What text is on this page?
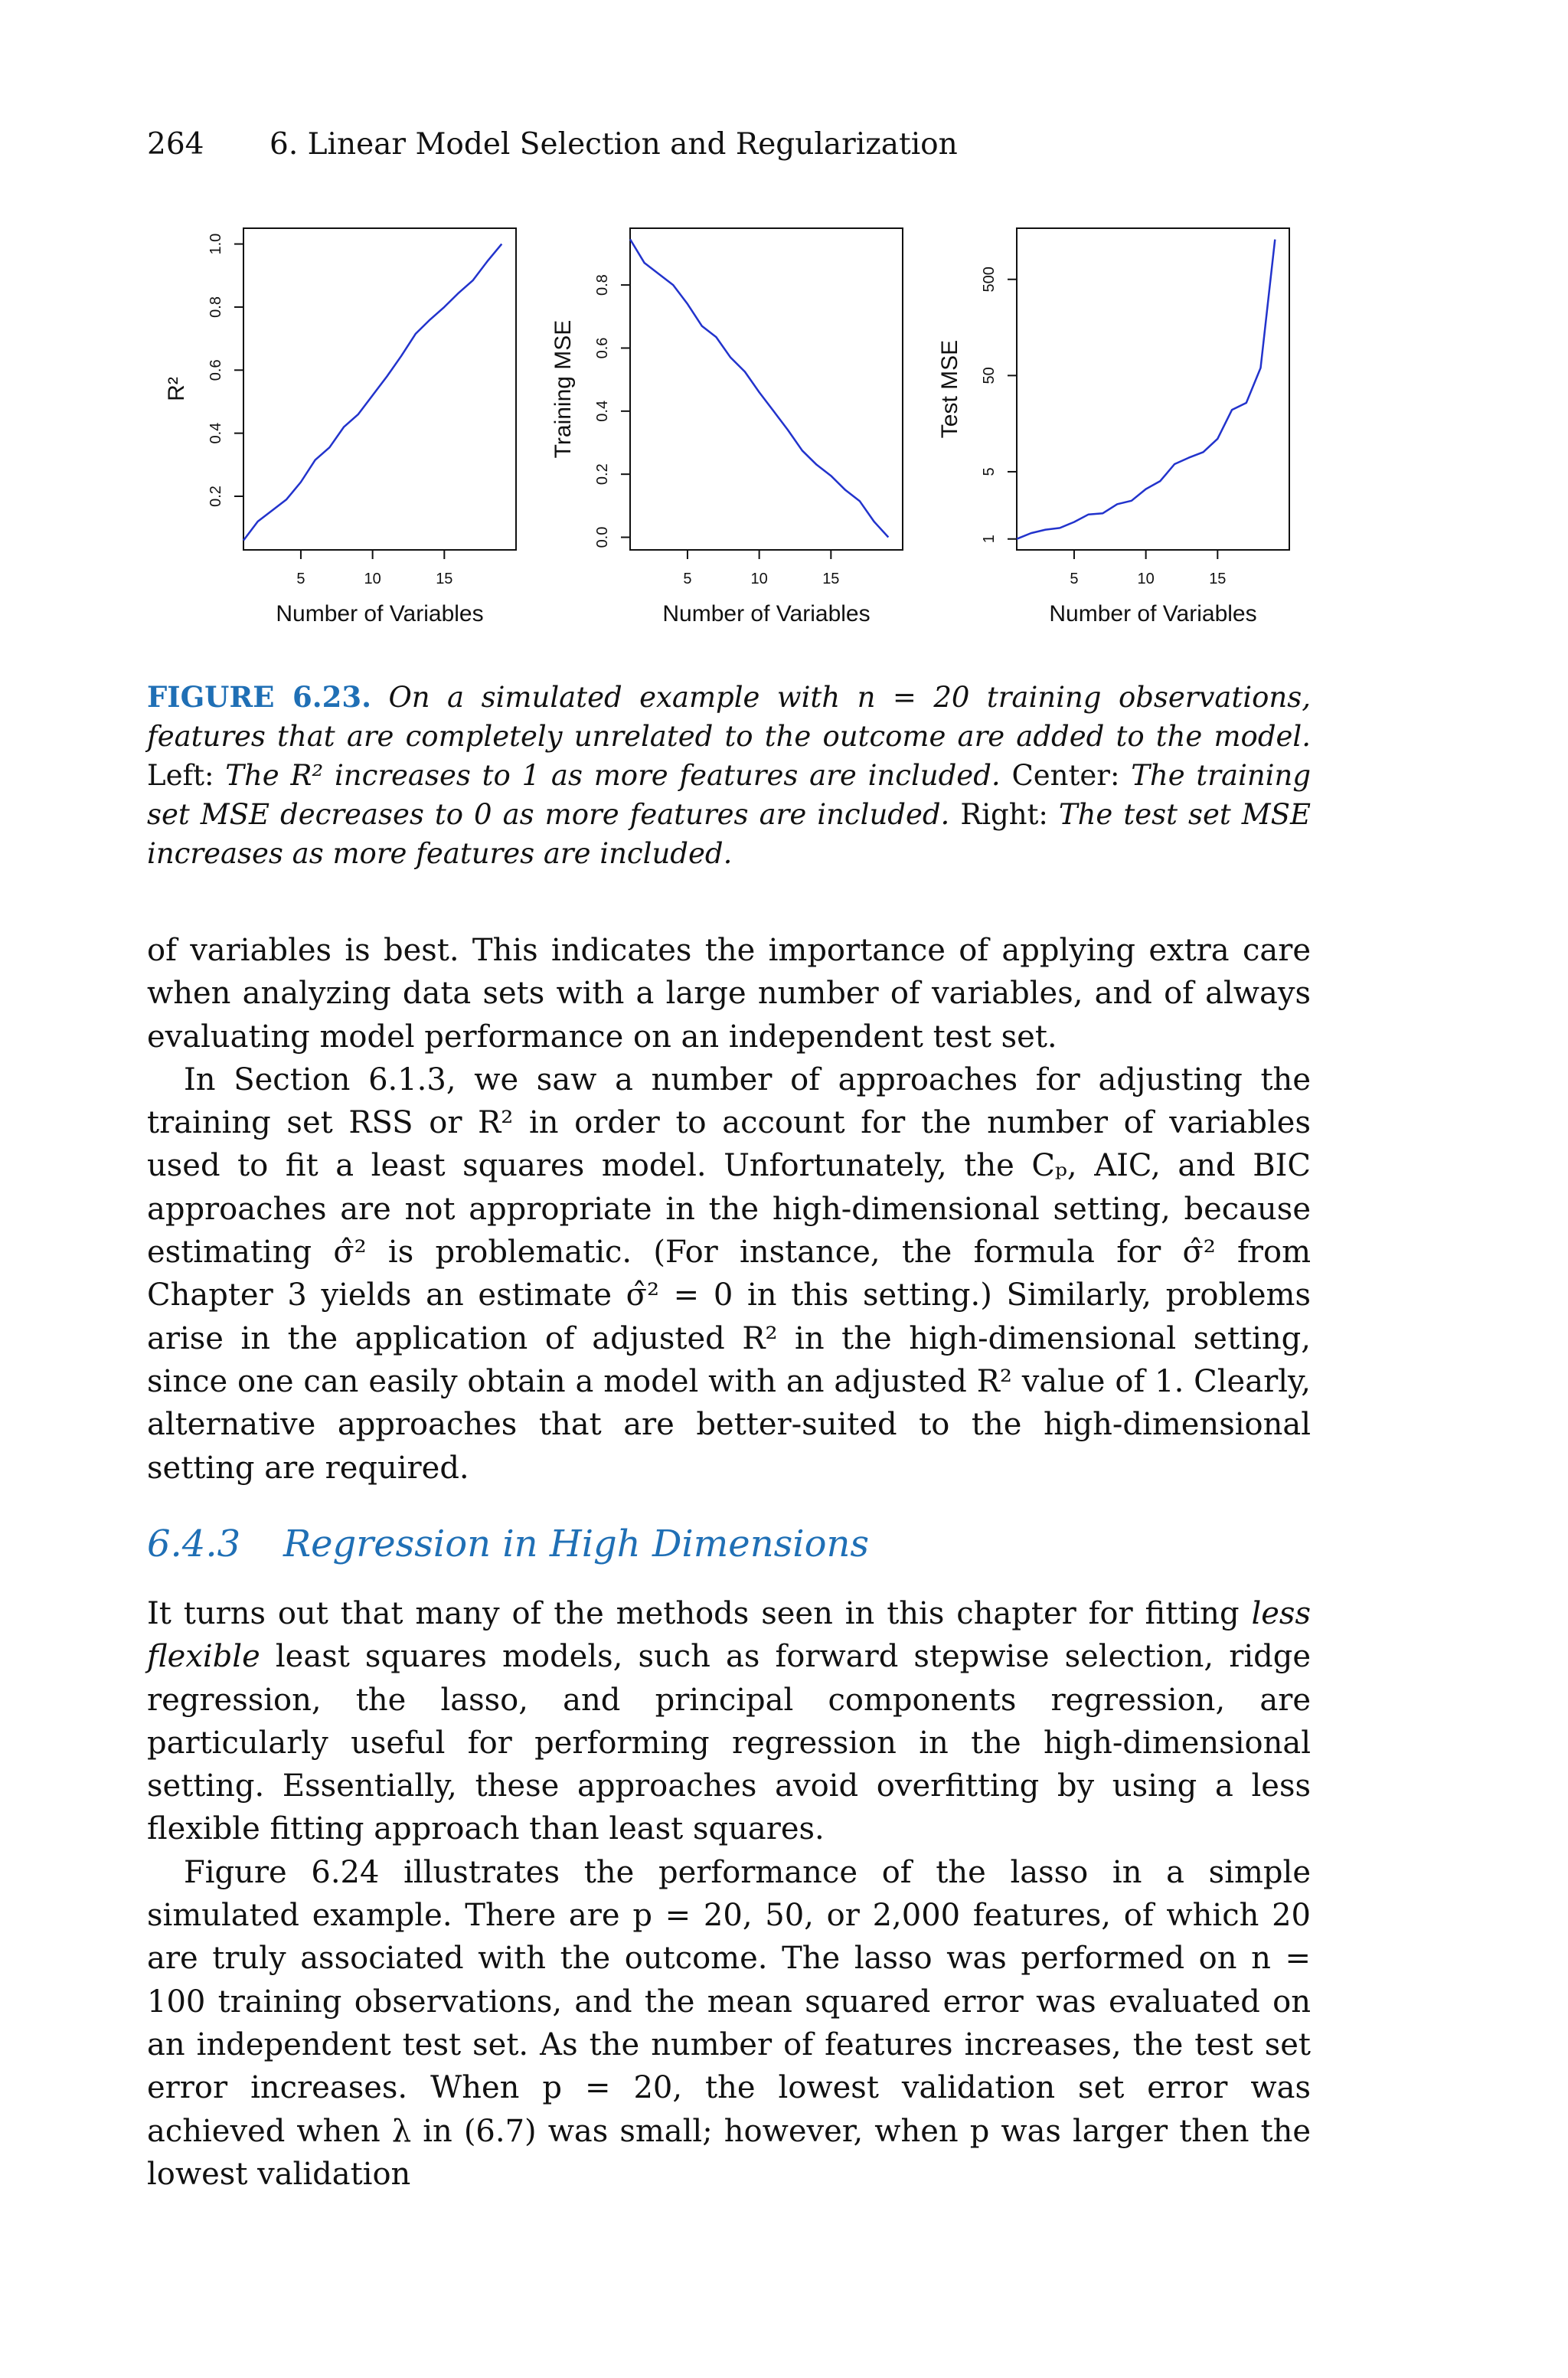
264 6. Linear Model Selection and Regularization
5	10	15
0.2
0.4
0.6
0.8
1.0
Number of Variables
R²
5	10	15
0.0
0.2
0.4
0.6
0.8
Number of Variables
Training MSE
5	10	15
1
5
50
500
Number of Variables
Test MSE
FIGURE 6.23. On a simulated example with n = 20 training observations, features that are completely unrelated to the outcome are added to the model. Left: The R² increases to 1 as more features are included. Center: The training set MSE decreases to 0 as more features are included. Right: The test set MSE increases as more features are included.

of variables is best. This indicates the importance of applying extra care when analyzing data sets with a large number of variables, and of always evaluating model performance on an independent test set.

In Section 6.1.3, we saw a number of approaches for adjusting the training set RSS or R² in order to account for the number of variables used to fit a least squares model. Unfortunately, the Cₚ, AIC, and BIC approaches are not appropriate in the high-dimensional setting, because estimating σ̂² is problematic. (For instance, the formula for σ̂² from Chapter 3 yields an estimate σ̂² = 0 in this setting.) Similarly, problems arise in the application of adjusted R² in the high-dimensional setting, since one can easily obtain a model with an adjusted R² value of 1. Clearly, alternative approaches that are better-suited to the high-dimensional setting are required.

6.4.3 Regression in High Dimensions

It turns out that many of the methods seen in this chapter for fitting less flexible least squares models, such as forward stepwise selection, ridge regression, the lasso, and principal components regression, are particularly useful for performing regression in the high-dimensional setting. Essentially, these approaches avoid overfitting by using a less flexible fitting approach than least squares.

Figure 6.24 illustrates the performance of the lasso in a simple simulated example. There are p = 20, 50, or 2,000 features, of which 20 are truly associated with the outcome. The lasso was performed on n = 100 training observations, and the mean squared error was evaluated on an independent test set. As the number of features increases, the test set error increases. When p = 20, the lowest validation set error was achieved when λ in (6.7) was small; however, when p was larger then the lowest validation
